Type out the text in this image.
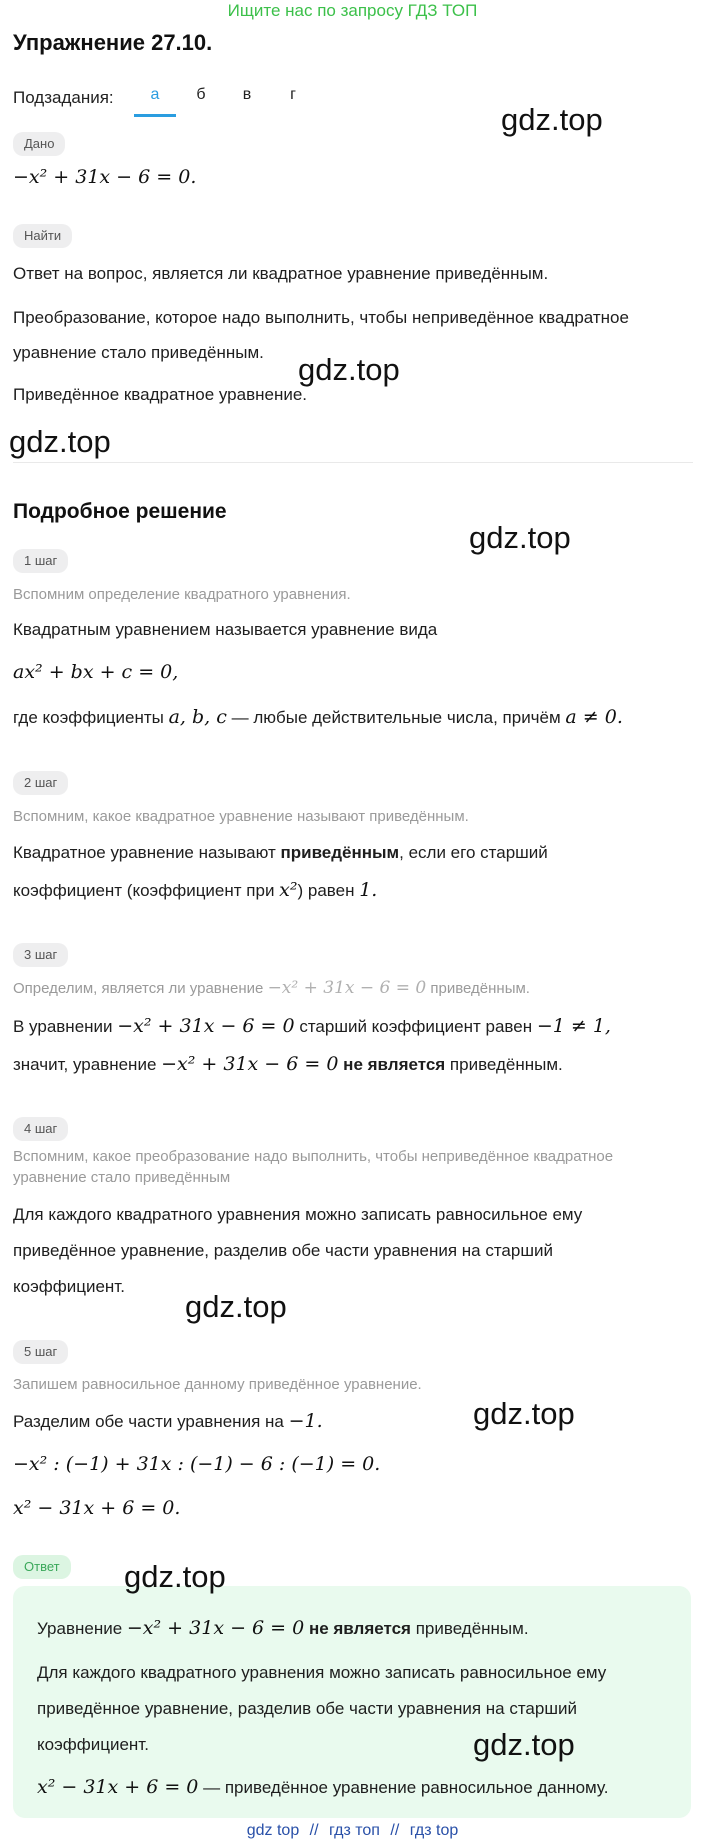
Ищите нас по запросу ГДЗ ТОП
Упражнение 27.10.
Подзадания:	а	б	в	г
Дано
−x² + 31x − 6 = 0.
Найти
Ответ на вопрос, является ли квадратное уравнение приведённым.
Преобразование, которое надо выполнить, чтобы неприведённое квадратное
уравнение стало приведённым.
Приведённое квадратное уравнение.
Подробное решение
1 шаг
Вспомним определение квадратного уравнения.
Квадратным уравнением называется уравнение вида
ax² + bx + c = 0,
где коэффициенты a, b, c — любые действительные числа, причём a ≠ 0.
2 шаг
Вспомним, какое квадратное уравнение называют приведённым.
Квадратное уравнение называют приведённым, если его старший
коэффициент (коэффициент при x²) равен 1.
3 шаг
Определим, является ли уравнение −x² + 31x − 6 = 0 приведённым.
В уравнении −x² + 31x − 6 = 0 старший коэффициент равен −1 ≠ 1,
значит, уравнение −x² + 31x − 6 = 0 не является приведённым.
4 шаг
Вспомним, какое преобразование надо выполнить, чтобы неприведённое квадратное
уравнение стало приведённым
Для каждого квадратного уравнения можно записать равносильное ему
приведённое уравнение, разделив обе части уравнения на старший
коэффициент.
5 шаг
Запишем равносильное данному приведённое уравнение.
Разделим обе части уравнения на −1.
−x² : (−1) + 31x : (−1) − 6 : (−1) = 0.
x² − 31x + 6 = 0.
Ответ
Уравнение −x² + 31x − 6 = 0 не является приведённым.
Для каждого квадратного уравнения можно записать равносильное ему
приведённое уравнение, разделив обе части уравнения на старший
коэффициент.
x² − 31x + 6 = 0 — приведённое уравнение равносильное данному.
gdz.top
gdz.top
gdz.top
gdz.top
gdz.top
gdz.top
gdz.top
gdz.top
gdz top // гдз топ // гдз top
